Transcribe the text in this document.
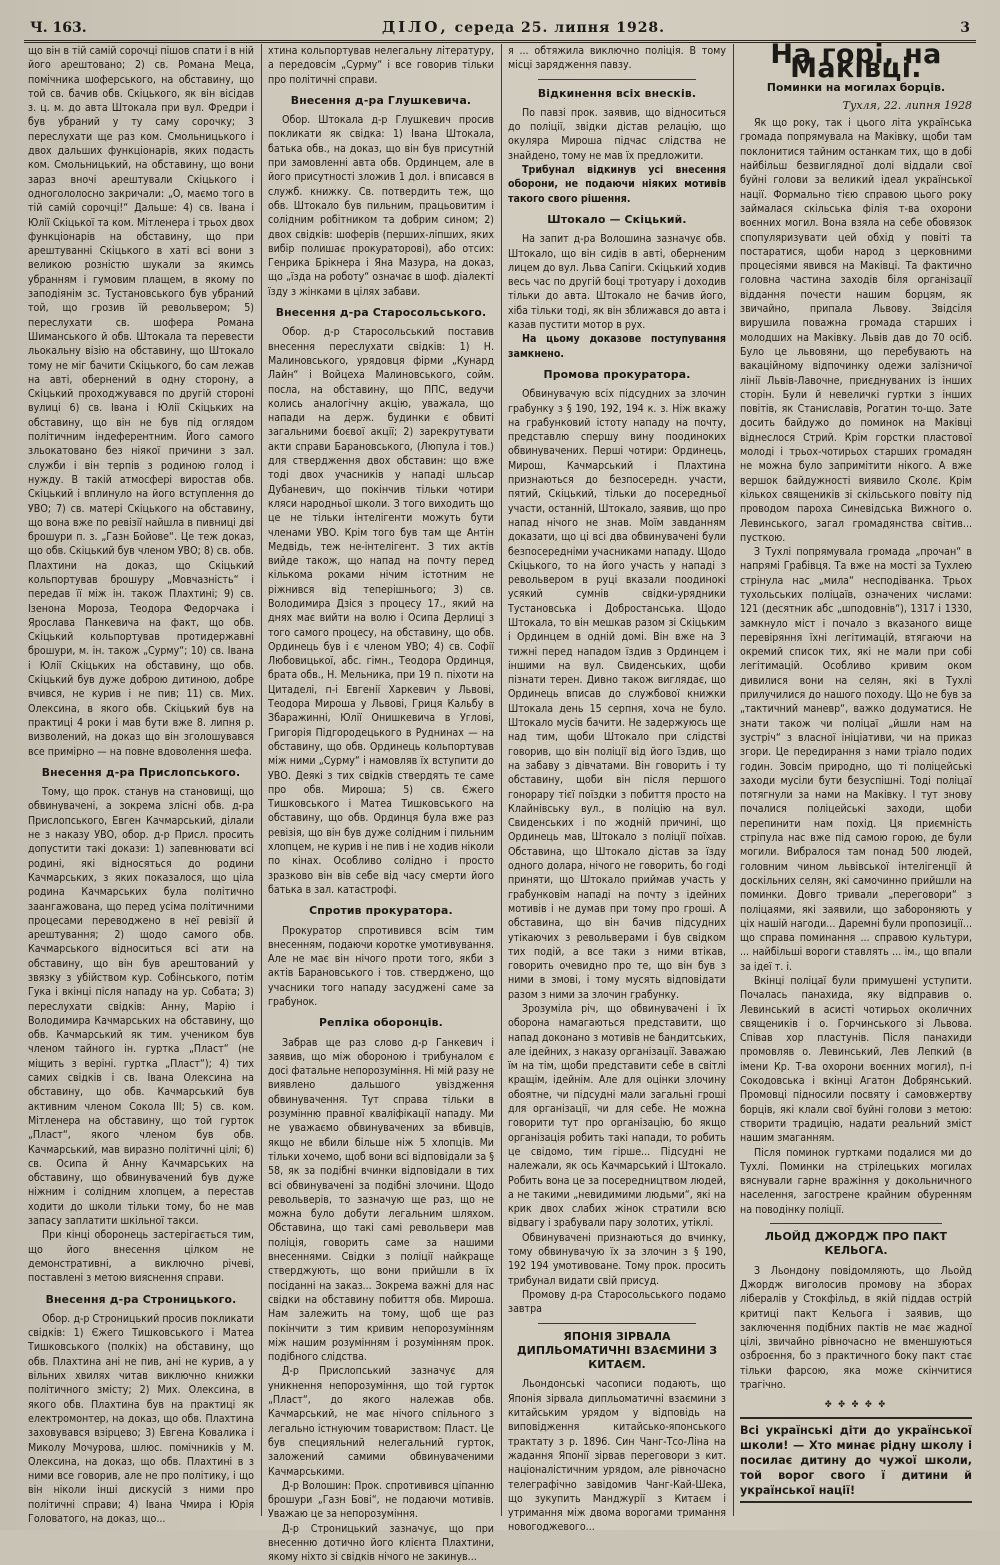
Ч. 163.	ДІЛО, середа 25. липня 1928.	3

що він в тій самій сорочці пішов спати і в ній його арештовано; 2) св. Романа Меца, помічника шоферського, на обставину, що той св. бачив обв. Скіцького, як він вісідав з. ц. м. до авта Штокала при вул. Фредри і був убраний у ту саму сорочку; 3 переслухати ще раз ком. Смольницького і двох дальших функціонарів, яких подасть ком. Смольницький, на обставину, що вони зараз вночі арештували Скіцького і одногололосно закричали: „О, маємо того в тій самій сорочці!“ Дальше: 4) св. Івана і Юлії Скіцької та ком. Мітленера і трьох двох функціонарів на обставину, що при арештуванні Скіцького в хаті всі вони з великою розністю шукали за якимсь убранням і гумовим плащем, в якому по заподіянім зс. Тустановського був убраний той, що грозив їй револьвером; 5) переслухати св. шофера Романа Шиманського й обв. Штокала та перевести льокальну візію на обставину, що Штокало тому не міг бачити Скіцького, бо сам лежав на авті, обернений в одну сторону, а Скіцький проходжувався по другій стороні вулиці 6) св. Івана і Юлії Скіцьких на обставину, що він не був під оглядом політичним індеферентним. Його самого зльокатовано без ніякої причини з зал. служби і він терпів з родиною голод і нужду. В такій атмосфері виростав обв. Скіцький і вплинуло на його вступлення до УВО; 7) св. матері Скіцького на обставину, що вона вже по ревізії найшла в пивниці дві брошури п. з. „Газн Бойове“. Це теж доказ, що обв. Скіцький був членом УВО; 8) св. обв. Плахтини на доказ, що Скіцький кольпортував брошуру „Мовчазність“ і передав її між ін. також Плахтині; 9) св. Ізенона Мороза, Теодора Федорчака і Ярослава Панкевича на факт, що обв. Скіцький кольпортував протидержавні брошури, м. ін. також „Сурму“; 10) св. Івана і Юлії Скіцьких на обставину, що обв. Скіцький був дуже доброю дитиною, добре вчився, не курив і не пив; 11) св. Мих. Олексина, в якого обв. Скіцький був на практиці 4 роки і мав бути вже 8. липня р. визволений, на доказ що він зголошувався все примірно — на повне вдоволення шефа.

Внесення д-ра Прислопського.

Тому, що прок. станув на становищі, що обвинувачені, а зокрема злісні обв. д-ра Прислопського, Евген Качмарський, ділали не з наказу УВО, обор. д-р Присл. просить допустити такі докази: 1) запевнювати всі родині, які відносяться до родини Качмарських, з яких показалося, що ціла родина Качмарських була політично заангажована, що перед усіма політичними процесами переводжено в неї ревізії й арештування; 2) щодо самого обв. Качмарського відноситься всі ати на обставину, що він був арештований у звязку з убійством кур. Собінського, потім Гука і вкінці після нападу на ур. Собата; 3) переслухати свідків: Анну, Марію і Володимира Качмарських на обставину, що обв. Качмарський як тим. учеником був членом тайного ін. гуртка „Пласт“ (не міщить з веріні. гуртка „Пласт“); 4) тих самих свідків і св. Івана Олексина на обставину, що обв. Качмарський був активним членом Сокола III; 5) св. ком. Мітленера на обставину, що той гурток „Пласт“, якого членом був обв. Качмарський, мав виразно політичні цілі; 6) св. Осипа й Анну Качмарських на обставину, що обвинувачений був дуже ніжним і солідним хлопцем, а перестав ходити до школи тільки тому, бо не мав запасу заплатити шкільної такси.

При кінці оборонець застерігається тим, що його внесення цілком не демонстративні, а виключно річеві, поставлені з метою вияснення справи.

Внесення д-ра Строницького.

Обор. д-р Строницький просив покликати свідків: 1) Єжего Тишковського і Матеа Тишковського (полкіх) на обставину, що обв. Плахтина ані не пив, ані не курив, а у вільних хвилях читав виключно книжки політичного змісту; 2) Мих. Олексина, в якого обв. Плахтина був на практиці як електромонтер, на доказ, що обв. Плахтина заховувався взірцево; 3) Евгена Ковалика і Миколу Мочурова, шлюс. помічників у М. Олексина, на доказ, що обв. Плахтині в з ними все говорив, але не про політику, і що він ніколи інші дискусій з ними про політичні справи; 4) Івана Чмира і Юрія Головатого, на доказ, що...

хтина кольпортував нелегальну літературу, а передовсім „Сурму“ і все говорив тільки про політичні справи.

Внесення д-ра Глушкевича.

Обор. Штокала д-р Глушкевич просив покликати як свідка: 1) Івана Штокала, батька обв., на доказ, що він був присутній при замовленні авта обв. Ординцем, але в його присутності зложив 1 дол. і вписався в служб. книжку. Св. потвердить теж, що обв. Штокало був пильним, працьовитим і солідним робітником та добрим сином; 2) двох свідків: шоферів (перших-ліпших, яких вибір полишає прокураторові), або отсих: Генрика Брікнера і Яна Мазура, на доказ, що „їзда на роботу“ означає в шоф. діалекті їзду з жінками в цілях забави.

Внесення д-ра Старосольського.

Обор. д-р Старосольський поставив внесення переслухати свідків: 1) Н. Малиновського, урядовця фірми „Кунард Лайн“ і Войцеха Малиновського, сойм. посла, на обставину, що ППС, ведучи колись аналогічну акцію, уважала, що напади на держ. будинки є обвиті загальними боєвої акції; 2) зарекрутувати акти справи Барановського, (Люпула і тов.) для ствердження двох обставин: що вже тоді двох учасників у нападі шльсар Дубаневич, що покінчив тільки чотири кляси народньої школи. З того виходить що це не тільки інтелігенти можуть бути членами УВО. Крім того був там ще Антін Медвідь, теж не-інтелігент. З тих актів вийде також, що напад на почту перед кількома роками нічим істотним не ріжнився від теперішнього; 3) св. Володимира Дзіся з процесу 17., який на днях має вийти на волю і Осипа Дерлиці з того самого процесу, на обставину, що обв. Ординець був і є членом УВО; 4) св. Софії Любовицької, абс. гімн., Теодора Ординця, брата обв., Н. Мельника, при 19 п. піхоти на Цитаделі, п-і Евгенії Харкевич у Львові, Теодора Мироша у Львові, Гриця Кальбу в Збаражинні, Юлії Онишкевича в Углові, Григорія Підгородецького в Руднинах — на обставину, що обв. Ординець кольпортував між ними „Сурму“ і намовляв їх вступити до УВО. Деякі з тих свідків ствердять те саме про обв. Мироша; 5) св. Єжего Тишковського і Матеа Тишковського на обставину, що обв. Ординця була вже раз ревізія, що він був дуже солідним і пильним хлопцем, не курив і не пив і не ходив ніколи по кінах. Особливо солідно і просто зразково він вів себе від часу смерти його батька в зал. катастрофі.

Спротив прокуратора.

Прокуратор спротивився всім тим внесенням, подаючи коротке умотивування. Але не має він нічого проти того, якби з актів Барановського і тов. стверджено, що учасники того нападу засуджені саме за грабунок.

Репліка оборонців.

Забрав ще раз слово д-р Ганкевич і заявив, що між обороною і трибуналом є досі фатальне непорозуміння. Ні мій разу не виявлено дальшого увіздження обвинувачення. Тут справа тільки в розумінню правної кваліфікації нападу. Ми не уважаємо обвинувачених за вбивців, якщо не вбили більше ніж 5 хлопців. Ми тільки хочемо, щоб вони всі відповідали за § 58, як за подібні вчинки відповідали в тих всі обвинувачені за подібні злочини. Щодо револьверів, то зазначую ще раз, що не можна було добути легальним шляхом. Обставина, що такі самі револьвери мав поліція, говорить саме за нашими внесеннями. Свідки з поліції найкраще стверджують, що вони прийшли в їх посіданні на заказ... Зокрема важні для нас свідки на обставину побиття обв. Мироша. Нам залежить на тому, щоб ще раз покінчити з тим кривим непорозумінням між нашим розумінням і розумінням прок. подібного слідства.

Д-р Прислопський зазначує для уникнення непорозуміння, що той гурток „Пласт“, до якого належав обв. Качмарський, не має нічого спільного з легально істнуючим товариством: Пласт. Це був специяльний нелегальний гурток, заложений самими обвинуваченими Качмарськими.

Д-р Волошин: Прок. спротивився ціпанню брошури „Газн Бові“, не подаючи мотивів. Уважаю це за непорозуміння.

Д-р Строницький зазначує, що при внесенню дотично його клієнта Плахтини, якому ніхто зі свідків нічого не закинув...

я ... обтяжила виключно поліція. В тому місці зарядження павзу.

Відкинення всіх внесків.

По павзі прок. заявив, що відноситься до поліції, звідки дістав релацію, що окуляра Мироша підчас слідства не знайдено, тому не мав їх предложити.

Трибунал відкинув усі внесення оборони, не подаючи ніяких мотивів такого свого рішення.

Штокало — Скіцький.

На запит д-ра Волошина зазначує обв. Штокало, що він сидів в авті, оберненим лицем до вул. Льва Сапіги. Скіцький ходив весь час по другій боці тротуару і доходив тільки до авта. Штокало не бачив його, хіба тільки тоді, як він зближався до авта і казав пустити мотор в рух.

На цьому доказове поступування замкнено.

Промова прокуратора.

Обвинувачую всіх підсудних за злочин грабунку з § 190, 192, 194 к. з. Ніж вкажу на грабунковий істоту нападу на почту, представлю спершу вину поодиноких обвинувачених. Перші чотири: Ординець, Мирош, Качмарський і Плахтина признаються до безпосередн. участи, пятий, Скіцький, тільки до посередньої участи, останній, Штокало, заявив, що про напад нічого не знав. Моїм завданням доказати, що ці всі два обвинувачені були безпосередніми учасниками нападу. Щодо Скіцького, то на його участь у нападі з револьвером в руці вказали поодинокі усякий сумнів свідки-урядники Тустановська і Добростанська. Щодо Штокала, то він мешкав разом зі Скіцьким і Ординцем в одній домі. Він вже на 3 тижні перед нападом їздив з Ординцем і іншими на вул. Свиденських, щоби пізнати терен. Дивно також виглядає, що Ординець вписав до службової книжки Штокала день 15 серпня, хоча не було. Штокало мусів бачити. Не задержуюсь ще над тим, щоби Штокало при слідстві говорив, що він поліції від його їздив, що на забаву з дівчатами. Він говорить і ту обставину, щоби він після першого гонорару тієї поїздки з побиття просто на Клайнівську вул., в поліцію на вул. Свиденських і по жодній причині, що Ординець мав, Штокало з поліції поїхав. Обставина, що Штокало дістав за їзду одного долара, нічого не говорить, бо годі приняти, що Штокало приймав участь у грабунковім нападі на почту з ідейних мотивів і не думав при тому про гроші. А обставина, що він бачив підсудних утікаючих з револьверами і був свідком тих подій, а все таки з ними втікав, говорить очевидно про те, що він був з ними в змові, і тому мусять відповідати разом з ними за злочин грабунку.

Зрозуміла річ, що обвинувачені і їх оборона намагаються представити, що напад доконано з мотивів не бандитських, але ідейних, з наказу організації. Заважаю їм на тім, щоби представити себе в світлі кращім, ідейнім. Але для оцінки злочину обоятне, чи підсудні мали загальні гроші для організації, чи для себе. Не можна говорити тут про організацію, бо якщо організація робить такі напади, то робить це свідомо, тим гірше... Підсудні не належали, як ось Качмарський і Штокало. Робить вона це за посередництвом людей, а не такими „невидимими людьми“, які на крик двох слабих жінок стратили всю відвагу і зрабували пару золотих, утіклі.

Обвинувачені признаються до вчинку, тому обвинувачую їх за злочин з § 190, 192 194 умотивоване. Тому прок. просить трибунал видати свій присуд.

Промову д-ра Старосольського подамо завтра

ЯПОНІЯ ЗІРВАЛА ДИПЛЬОМАТИЧНІ ВЗАЄМИНИ З КИТАЄМ.

Льондонські часописи подають, що Японія зірвала дипльоматичні взаємини з китайським урядом у відповідь на виповідження китайсько-японського трактату з р. 1896. Син Чанг-Тсо-Ліна на жадання Японії зірвав переговори з кит. націоналістичним урядом, але рівночасно телеграфічно завідомив Чанг-Кай-Шека, що зукупить Манджурії з Китаєм і утримання між двома ворогами тримання новогоджевого...

На горі, на Маківці.
Поминки на могилах борців.
Тухля, 22. липня 1928

Як що року, так і цього літа українська громада попрямувала на Маківку, щоби там поклонитися тайним останкам тих, що в добі найбільш безвиглядної долі віддали свої буйні голови за великий ідеал української нації. Формально тією справою цього року займалася скільська філія т-ва охорони воєнних могил. Вона взяла на себе обовязок спопуляризувати цей обхід у повіті та постаратися, щоби народ з церковними процесіями явився на Маківці. Та фактично головна частина заходів біля організації віддання почести нашим борцям, як звичайно, припала Львову. Звідсіля вирушила поважна громада старших і молодших на Маківку. Львів дав до 70 осіб. Було це львовяни, що перебувають на вакаційному відпочинку одежи залізничої лінії Львів-Лавочне, приєднуваних із інших сторін. Були й невеличкі гуртки з інших повітів, як Станиславів, Рогатин то-що. Зате досить байдужо до поминок на Маківці віднеслося Стрий. Крім горстки пластової молоді і трьох-чотирьох старших громадян не можна було запримітити нікого. А вже вершок байдужності виявило Сколє. Крім кількох священиків зі скільського повіту під проводом пароха Синевідська Вижного о. Левинського, загал громадянства світив... пусткою.

З Тухлі попрямувала громада „прочан“ в напрямі Грабівця. Та вже на мості за Тухлею стрінула нас „мила“ несподіванка. Трьох тухольських поліцаїв, означених числами: 121 (десятник абс „шподовнів“), 1317 і 1330, замкнуло міст і почало з вказаного вище перевіряння їхні легітимацій, втягаючи на окремий список тих, які не мали при собі легітимацій. Особливо кривим оком дивилися вони на селян, які в Тухлі прилучилися до нашого походу. Що не був за „тактичний маневр“, важко додуматися. Не знати також чи поліцаї „йшли нам на зустріч“ з власної ініціативи, чи на приказ згори. Це передирання з нами тріало подих годин. Зовсім природно, що ті поліцейські заходи мусіли бути безуспішні. Тоді поліцаї потягнули за нами на Маківку. І тут знову почалися поліцейські заходи, щоби перепинити нам похід. Ця приємність стріпула нас вже під самою горою, де були могили. Вибралося там понад 500 людей, головним чином львівської інтелігенції й доскільних селян, які самочинно прийшли на поминки. Довго тривали „переговори“ з поліцаями, які заявили, що забороняють у ціх нашій нагоди... Даремні були пропозиції... що справа поминання ... справою культури, ... найбільші вороги ставлять ... ім., що впали за ідеї т. і.

Вкінці поліцаї були примушені уступити. Почалась панахида, яку відправив о. Левинський в асисті чотирьох околичних священиків і о. Горчинського зі Львова. Співав хор пластунів. Після панахиди промовляв о. Левинський, Лев Лепкий (в імени Кр. Т-ва охорони воєнних могил), п-і Сокодовська і вкінці Агатон Добрянський. Промовці підносили посвяту і самовжертву борців, які клали свої буйні голови з метою: створити традицію, надати реальний зміст нашим змаганням.

Після поминок гуртками подалися ми до Тухлі. Поминки на стрілецьких могилах вяснували гарне вражіння у докольничного населення, загострене крайним обуренням на поводінку поліції.

ЛЬОЙД ДЖОРДЖ ПРО ПАКТ КЕЛЬОГА.

З Льондону повідомляють, що Льойд Джордж виголосив промову на зборах лібералів у Стокфільд, в якій піддав острій критиці пакт Кельога і заявив, що заключення подібних пактів не має жадної цілі, звичайно рівночасно не вменшуються озброєння, бо з практичного боку пакт стає тільки фарсою, яка може скінчитися трагічно.

✤ ✤ ✤ ✤ ✤
Всі українські діти до української школи! — Хто минає рідну школу і посилає дитину до чужої школи, той ворог свого ї дитини й української нації!
